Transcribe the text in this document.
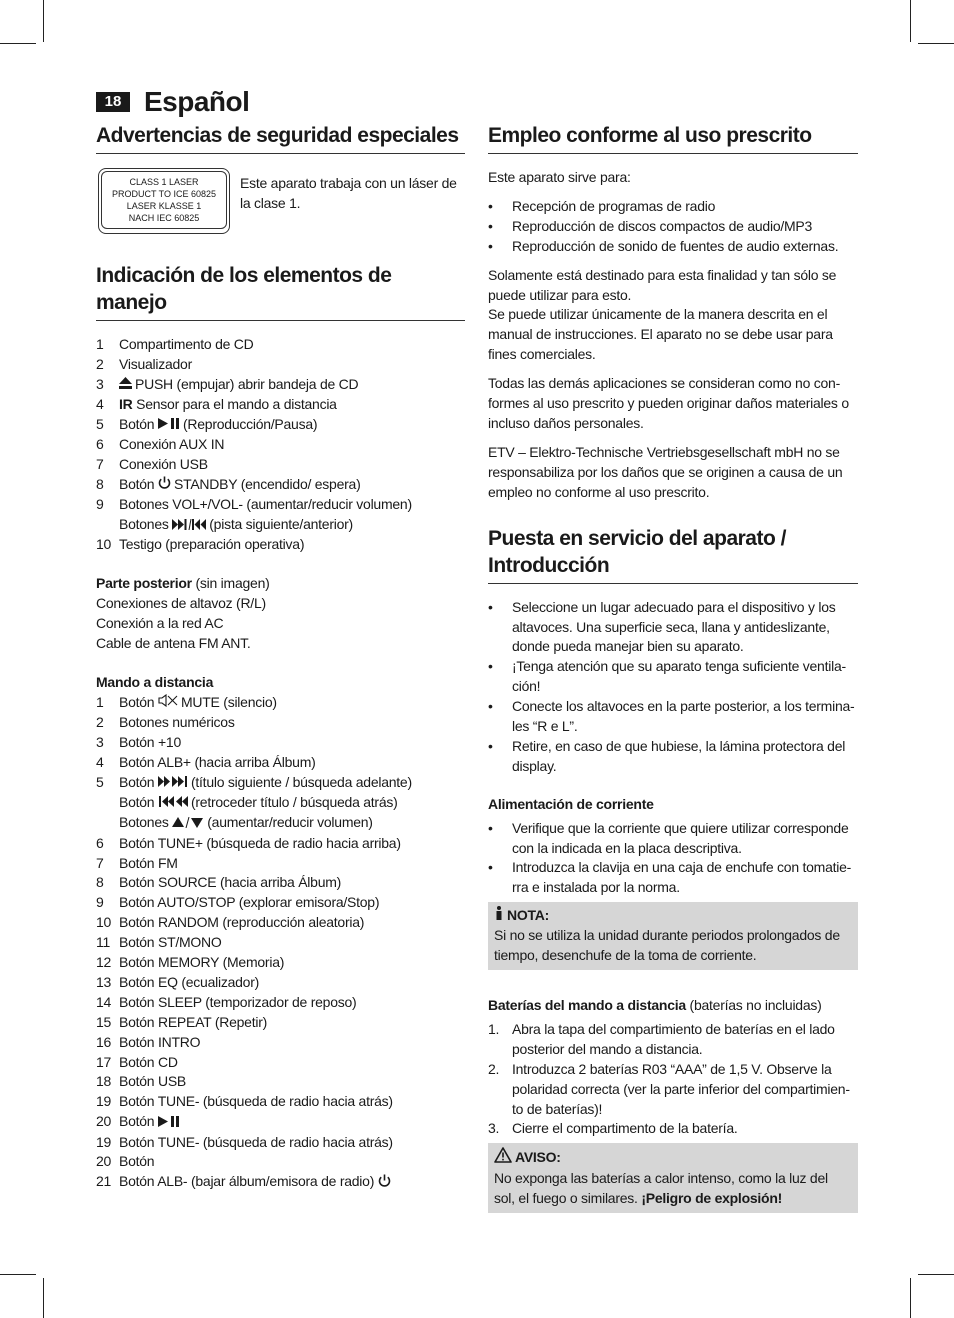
18 Español
Advertencias de seguridad especiales
CLASS 1 LASER
PRODUCT TO ICE 60825
LASER KLASSE 1
NACH IEC 60825
Este aparato trabaja con un láser de la clase 1.
Indicación de los elementos de manejo
1 Compartimento de CD
2 Visualizador
3 PUSH (empujar) abrir bandeja de CD
4 IR Sensor para el mando a distancia
5 Botón (Reproducción/Pausa)
6 Conexión AUX IN
7 Conexión USB
8 Botón STANDBY (encendido/ espera)
9 Botones VOL+/VOL- (aumentar/reducir volumen)
Botones	(pista siguiente/anterior)
10 Testigo (preparación operativa)
Parte posterior (sin imagen)
Conexiones de altavoz (R/L)
Conexión a la red AC
Cable de antena FM ANT.
Mando a distancia
1 Botón MUTE (silencio)
2 Botones numéricos
3 Botón +10
4 Botón ALB+ (hacia arriba Álbum)
5 Botón	(título siguiente / búsqueda adelante)
Botón	(retroceder título / búsqueda atrás)
Botones	(aumentar/reducir volumen)
6 Botón TUNE+ (búsqueda de radio hacia arriba)
7 Botón FM
8 Botón SOURCE (hacia arriba Álbum)
9 Botón AUTO/STOP (explorar emisora/Stop)
10 Botón RANDOM (reproducción aleatoria)
11 Botón ST/MONO
12 Botón MEMORY (Memoria)
13 Botón EQ (ecualizador)
14 Botón SLEEP (temporizador de reposo)
15 Botón REPEAT (Repetir)
16 Botón INTRO
17 Botón CD
18 Botón USB
19 Botón TUNE- (búsqueda de radio hacia atrás)
20 Botón
19 Botón TUNE- (búsqueda de radio hacia atrás)
20 Botón
21 Botón ALB- (bajar álbum/emisora de radio)
Empleo conforme al uso prescrito

Este aparato sirve para:

• Recepción de programas de radio
• Reproducción de discos compactos de audio/MP3
• Reproducción de sonido de fuentes de audio externas.

Solamente está destinado para esta finalidad y tan sólo se puede utilizar para esto.

Se puede utilizar únicamente de la manera descrita en el manual de instrucciones. El aparato no se debe usar para fines comerciales.

Todas las demás aplicaciones se consideran como no con-formes al uso prescrito y pueden originar daños materiales o incluso daños personales.

ETV – Elektro-Technische Vertriebsgesellschaft mbH no se responsabiliza por los daños que se originen a causa de un empleo no conforme al uso prescrito.

Puesta en servicio del aparato / Introducción
• Seleccione un lugar adecuado para el dispositivo y los altavoces. Una superficie seca, llana y antideslizante, donde pueda manejar bien su aparato.
• ¡Tenga atención que su aparato tenga suficiente ventila-ción!
• Conecte los altavoces en la parte posterior, a los termina-les “R e L”.
• Retire, en caso de que hubiese, la lámina protectora del display.
Alimentación de corriente
• Verifique que la corriente que quiere utilizar corresponde con la indicada en la placa descriptiva.
• Introduzca la clavija en una caja de enchufe con tomatie-rra e instalada por la norma.
NOTA:
Si no se utiliza la unidad durante periodos prolongados de tiempo, desenchufe de la toma de corriente.
Baterías del mando a distancia (baterías no incluidas)
1. Abra la tapa del compartimiento de baterías en el lado posterior del mando a distancia.
2. Introduzca 2 baterías R03 “AAA” de 1,5 V. Observe la polaridad correcta (ver la parte inferior del compartimien-to de baterías)!
3. Cierre el compartimento de la batería.
AVISO:
No exponga las baterías a calor intenso, como la luz del sol, el fuego o similares. ¡Peligro de explosión!
